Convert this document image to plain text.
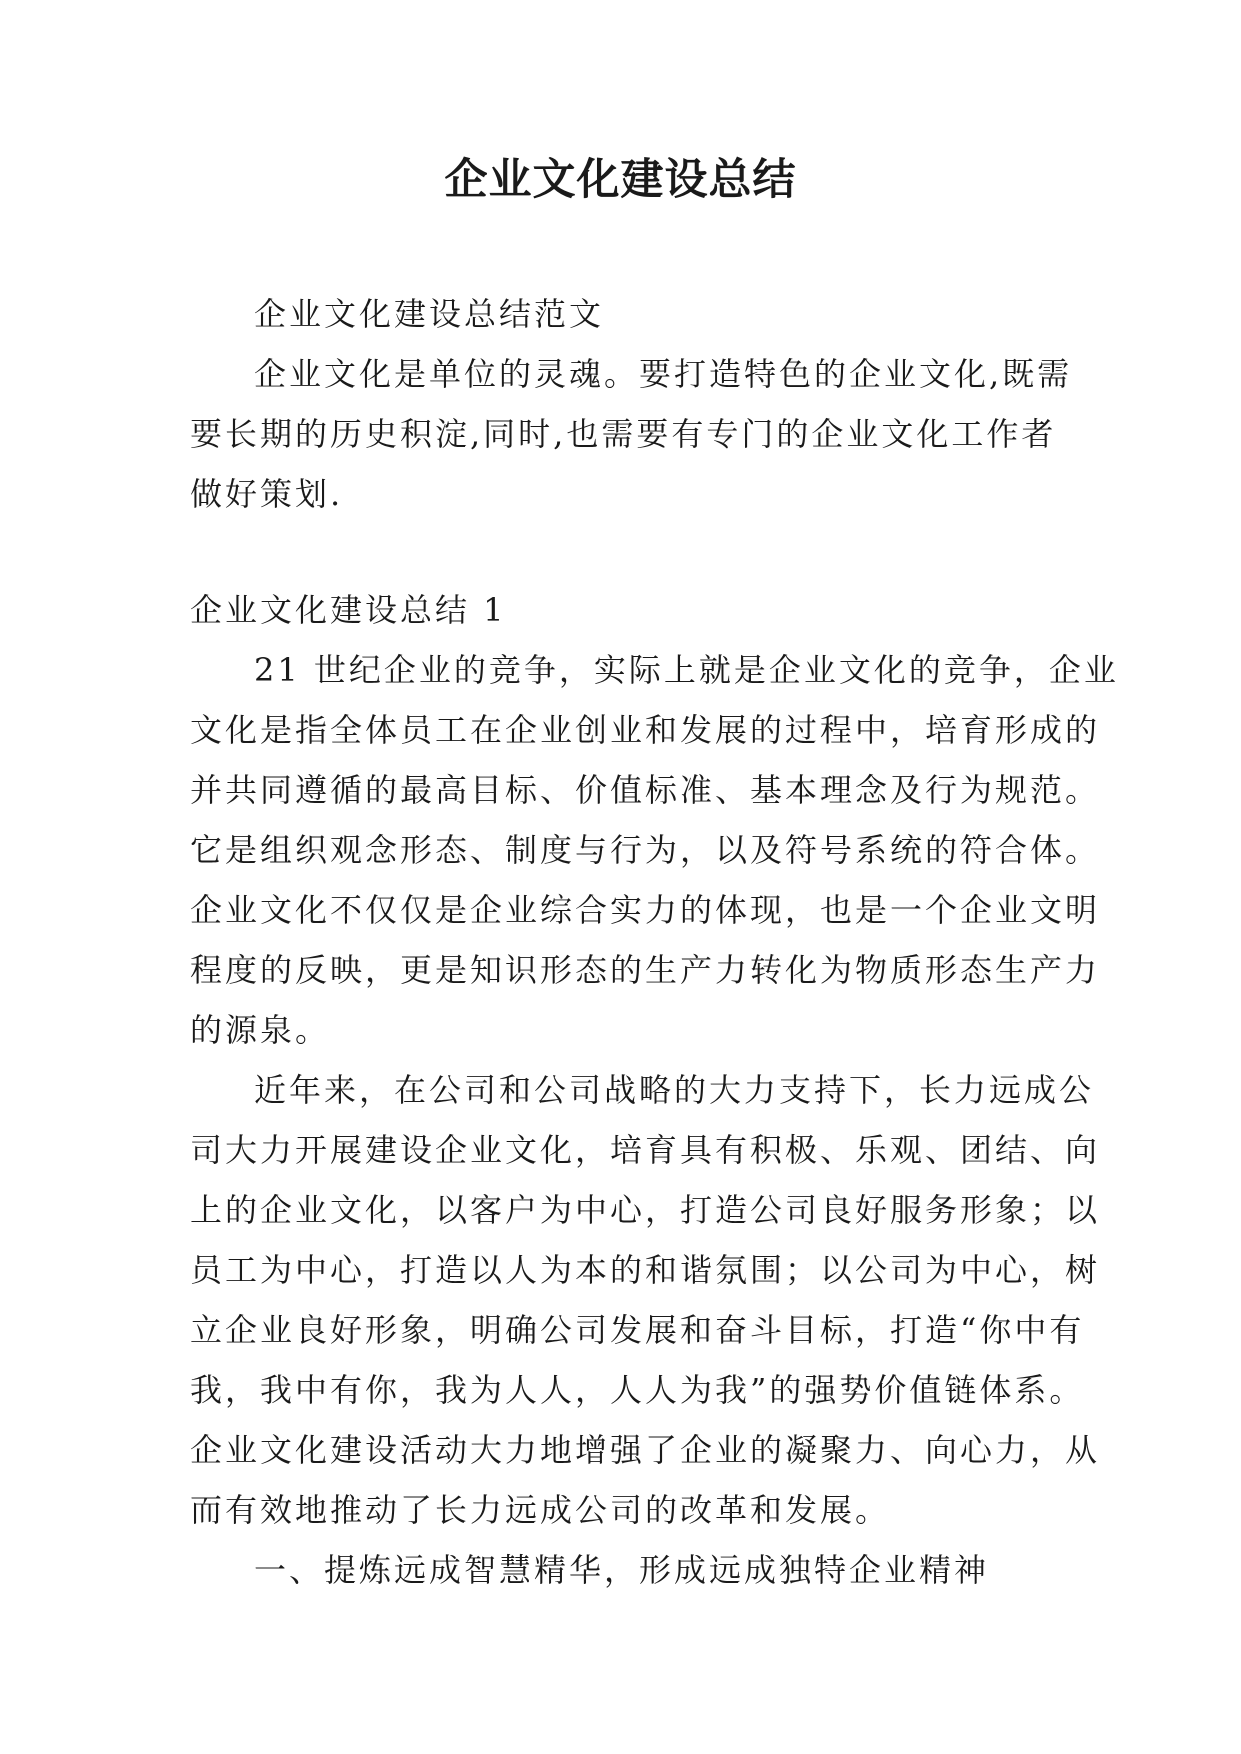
企业文化建设总结
企业文化建设总结范文
企业文化是单位的灵魂。要打造特色的企业文化,既需
要长期的历史积淀,同时,也需要有专门的企业文化工作者
做好策划.
企业文化建设总结 1
21 世纪企业的竞争，实际上就是企业文化的竞争，企业
文化是指全体员工在企业创业和发展的过程中，培育形成的
并共同遵循的最高目标、价值标准、基本理念及行为规范。
它是组织观念形态、制度与行为，以及符号系统的符合体。
企业文化不仅仅是企业综合实力的体现，也是一个企业文明
程度的反映，更是知识形态的生产力转化为物质形态生产力
的源泉。
近年来，在公司和公司战略的大力支持下，长力远成公
司大力开展建设企业文化，培育具有积极、乐观、团结、向
上的企业文化，以客户为中心，打造公司良好服务形象；以
员工为中心，打造以人为本的和谐氛围；以公司为中心，树
立企业良好形象，明确公司发展和奋斗目标，打造“你中有
我，我中有你，我为人人，人人为我”的强势价值链体系。
企业文化建设活动大力地增强了企业的凝聚力、向心力，从
而有效地推动了长力远成公司的改革和发展。
一、提炼远成智慧精华，形成远成独特企业精神
